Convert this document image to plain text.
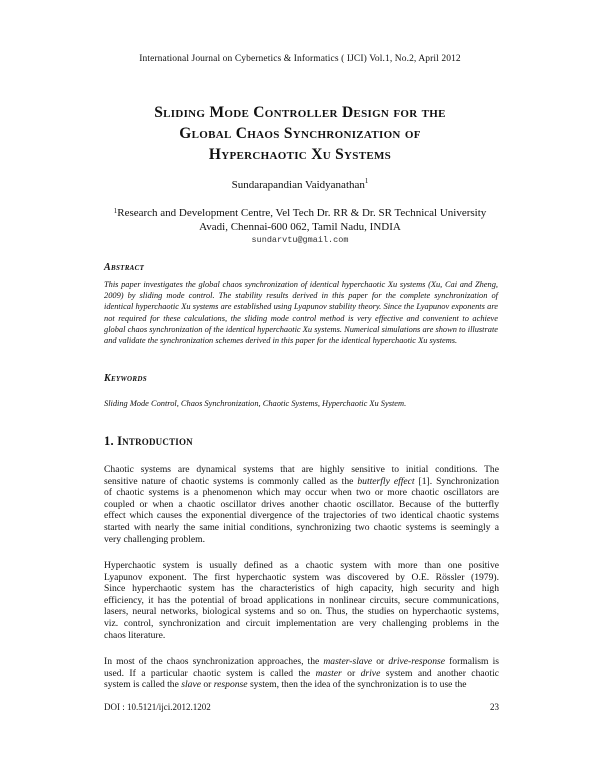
International Journal on Cybernetics & Informatics ( IJCI) Vol.1, No.2, April 2012
Sliding Mode Controller Design for the
Global Chaos Synchronization of
Hyperchaotic Xu Systems
Sundarapandian Vaidyanathan$^1$
$^1$Research and Development Centre, Vel Tech Dr. RR & Dr. SR Technical University
Avadi, Chennai-600 062, Tamil Nadu, INDIA
sundarvtu@gmail.com
Abstract
This paper investigates the global chaos synchronization of identical hyperchaotic Xu systems (Xu, Cai and Zheng, 2009) by sliding mode control. The stability results derived in this paper for the complete synchronization of identical hyperchaotic Xu systems are established using Lyapunov stability theory. Since the Lyapunov exponents are not required for these calculations, the sliding mode control method is very effective and convenient to achieve global chaos synchronization of the identical hyperchaotic Xu systems. Numerical simulations are shown to illustrate and validate the synchronization schemes derived in this paper for the identical hyperchaotic Xu systems.
Keywords
Sliding Mode Control, Chaos Synchronization, Chaotic Systems, Hyperchaotic Xu System.
1. Introduction
Chaotic systems are dynamical systems that are highly sensitive to initial conditions. The
sensitive nature of chaotic systems is commonly called as the butterfly effect [1]. Synchronization
of chaotic systems is a phenomenon which may occur when two or more chaotic oscillators are
coupled or when a chaotic oscillator drives another chaotic oscillator. Because of the butterfly
effect which causes the exponential divergence of the trajectories of two identical chaotic systems
started with nearly the same initial conditions, synchronizing two chaotic systems is seemingly a
very challenging problem.
Hyperchaotic system is usually defined as a chaotic system with more than one positive
Lyapunov exponent. The first hyperchaotic system was discovered by O.E. Rössler (1979).
Since hyperchaotic system has the characteristics of high capacity, high security and high
efficiency, it has the potential of broad applications in nonlinear circuits, secure communications,
lasers, neural networks, biological systems and so on. Thus, the studies on hyperchaotic systems,
viz. control, synchronization and circuit implementation are very challenging problems in the
chaos literature.
In most of the chaos synchronization approaches, the master-slave or drive-response formalism is
used. If a particular chaotic system is called the master or drive system and another chaotic
system is called the slave or response system, then the idea of the synchronization is to use the
DOI : 10.5121/ijci.2012.1202	23
